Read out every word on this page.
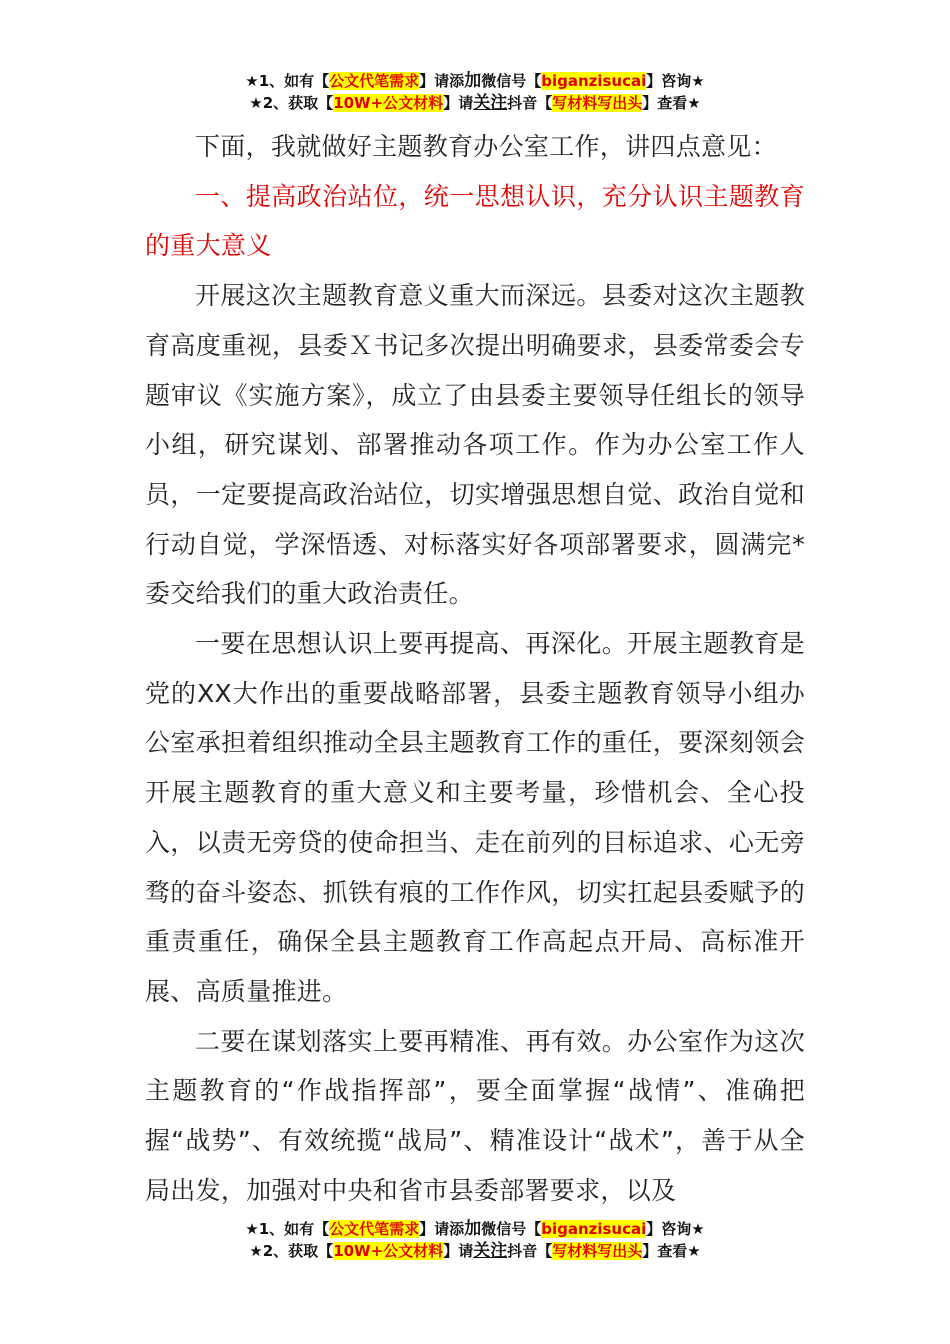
★1、如有【公文代笔需求】请添加微信号【biganzisucai】咨询★
★2、获取【10W+公文材料】请关注抖音【写材料写出头】查看★

下面，我就做好主题教育办公室工作，讲四点意见：

一、提高政治站位，统一思想认识，充分认识主题教育的重大意义

开展这次主题教育意义重大而深远。县委对这次主题教育高度重视，县委Ｘ书记多次提出明确要求，县委常委会专题审议《实施方案》，成立了由县委主要领导任组长的领导小组，研究谋划、部署推动各项工作。作为办公室工作人员，一定要提高政治站位，切实增强思想自觉、政治自觉和行动自觉，学深悟透、对标落实好各项部署要求，圆满完*委交给我们的重大政治责任。

一要在思想认识上要再提高、再深化。开展主题教育是党的XX大作出的重要战略部署，县委主题教育领导小组办公室承担着组织推动全县主题教育工作的重任，要深刻领会开展主题教育的重大意义和主要考量，珍惜机会、全心投入，以责无旁贷的使命担当、走在前列的目标追求、心无旁骛的奋斗姿态、抓铁有痕的工作作风，切实扛起县委赋予的重责重任，确保全县主题教育工作高起点开局、高标准开展、高质量推进。

二要在谋划落实上要再精准、再有效。办公室作为这次主题教育的“作战指挥部”，要全面掌握“战情”、准确把握“战势”、有效统揽“战局”、精准设计“战术”，善于从全局出发，加强对中央和省市县委部署要求，以及

★1、如有【公文代笔需求】请添加微信号【biganzisucai】咨询★
★2、获取【10W+公文材料】请关注抖音【写材料写出头】查看★
